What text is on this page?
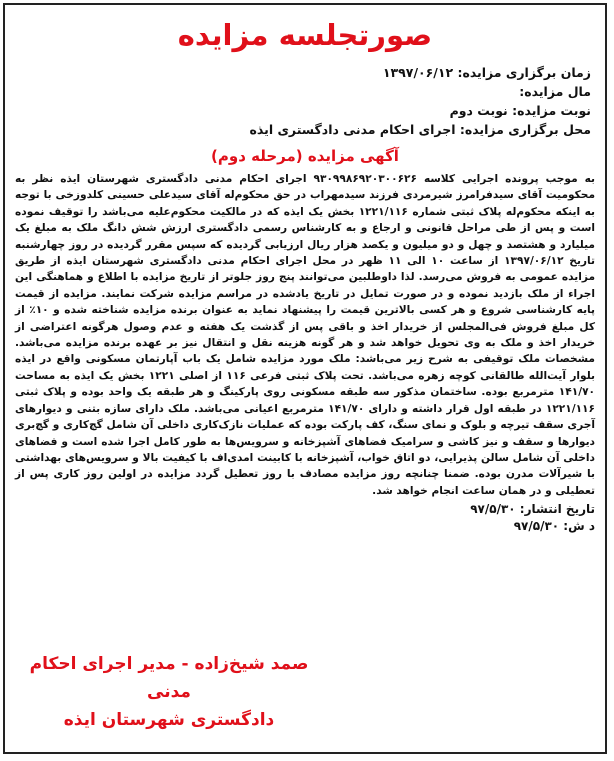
صورتجلسه مزایده
زمان برگزاری مزایده: ۱۳۹۷/۰۶/۱۲
مال مزایده:
نوبت مزایده: نوبت دوم
محل برگزاری مزایده: اجرای احکام مدنی دادگستری ایذه
آگهی مزایده (مرحله دوم)
به موجب پرونده اجرایی کلاسه ۹۳۰۹۹۸۶۹۲۰۳۰۰۶۲۶ اجرای احکام مدنی دادگستری شهرستان ایذه نظر به محکومیت آقای سیدفرامرز شیرمردی فرزند سیدمهراب در حق محکوم‌له آقای سیدعلی حسینی کلدوزخی با توجه به اینکه محکوم‌له پلاک ثبتی شماره ۱۲۲۱/۱۱۶ بخش یک ایذه که در مالکیت محکوم‌علیه می‌باشد را توقیف نموده است و پس از طی مراحل قانونی و ارجاع و به کارشناس رسمی دادگستری ارزش شش دانگ ملک به مبلغ یک میلیارد و هشتصد و چهل و دو میلیون و یکصد هزار ریال ارزیابی گردیده که سپس مقرر گردیده در روز چهارشنبه تاریخ ۱۳۹۷/۰۶/۱۲ از ساعت ۱۰ الی ۱۱ ظهر در محل اجرای احکام مدنی دادگستری شهرستان ایذه از طریق مزایده عمومی به فروش می‌رسد. لذا داوطلبین می‌توانند پنج روز جلوتر از تاریخ مزایده با اطلاع و هماهنگی این اجراء از ملک بازدید نموده و در صورت تمایل در تاریخ یادشده در مراسم مزایده شرکت نمایند. مزایده از قیمت پایه کارشناسی شروع و هر کسی بالاترین قیمت را پیشنهاد نماید به عنوان برنده مزایده شناخته شده و ۱۰٪ از کل مبلغ فروش فی‌المجلس از خریدار اخذ و باقی پس از گذشت یک هفته و عدم وصول هرگونه اعتراضی از خریدار اخذ و ملک به وی تحویل خواهد شد و هر گونه هزینه نقل و انتقال نیز بر عهده برنده مزایده می‌باشد. مشخصات ملک توقیفی به شرح زیر می‌باشد: ملک مورد مزایده شامل یک باب آپارتمان مسکونی واقع در ایذه بلوار آیت‌الله طالقانی کوچه زهره می‌باشد. تحت پلاک ثبتی فرعی ۱۱۶ از اصلی ۱۲۲۱ بخش یک ایذه به مساحت ۱۴۱/۷۰ مترمربع بوده. ساختمان مذکور سه طبقه مسکونی روی پارکینگ و هر طبقه یک واحد بوده و پلاک ثبتی ۱۲۲۱/۱۱۶ در طبقه اول قرار داشته و دارای ۱۴۱/۷۰ مترمربع اعیانی می‌باشد. ملک دارای سازه بتنی و دیوارهای آجری سقف تیرچه و بلوک و نمای سنگ، کف پارکت بوده که عملیات نازک‌کاری داخلی آن شامل گچ‌کاری و گچ‌بری دیوارها و سقف و نیز کاشی و سرامیک فضاهای آشپزخانه و سرویس‌ها به طور کامل اجرا شده است و فضاهای داخلی آن شامل سالن پذیرایی، دو اتاق خواب، آشپزخانه با کابینت امدی‌اف با کیفیت بالا و سرویس‌های بهداشتی با شیرآلات مدرن بوده. ضمنا چنانچه روز مزایده مصادف با روز تعطیل گردد مزایده در اولین روز کاری پس از تعطیلی و در همان ساعت انجام خواهد شد.
تاریخ انتشار: ۹۷/۵/۳۰
د ش: ۹۷/۵/۳۰
صمد شیخ‌زاده - مدیر اجرای احکام مدنی
دادگستری شهرستان ایذه
